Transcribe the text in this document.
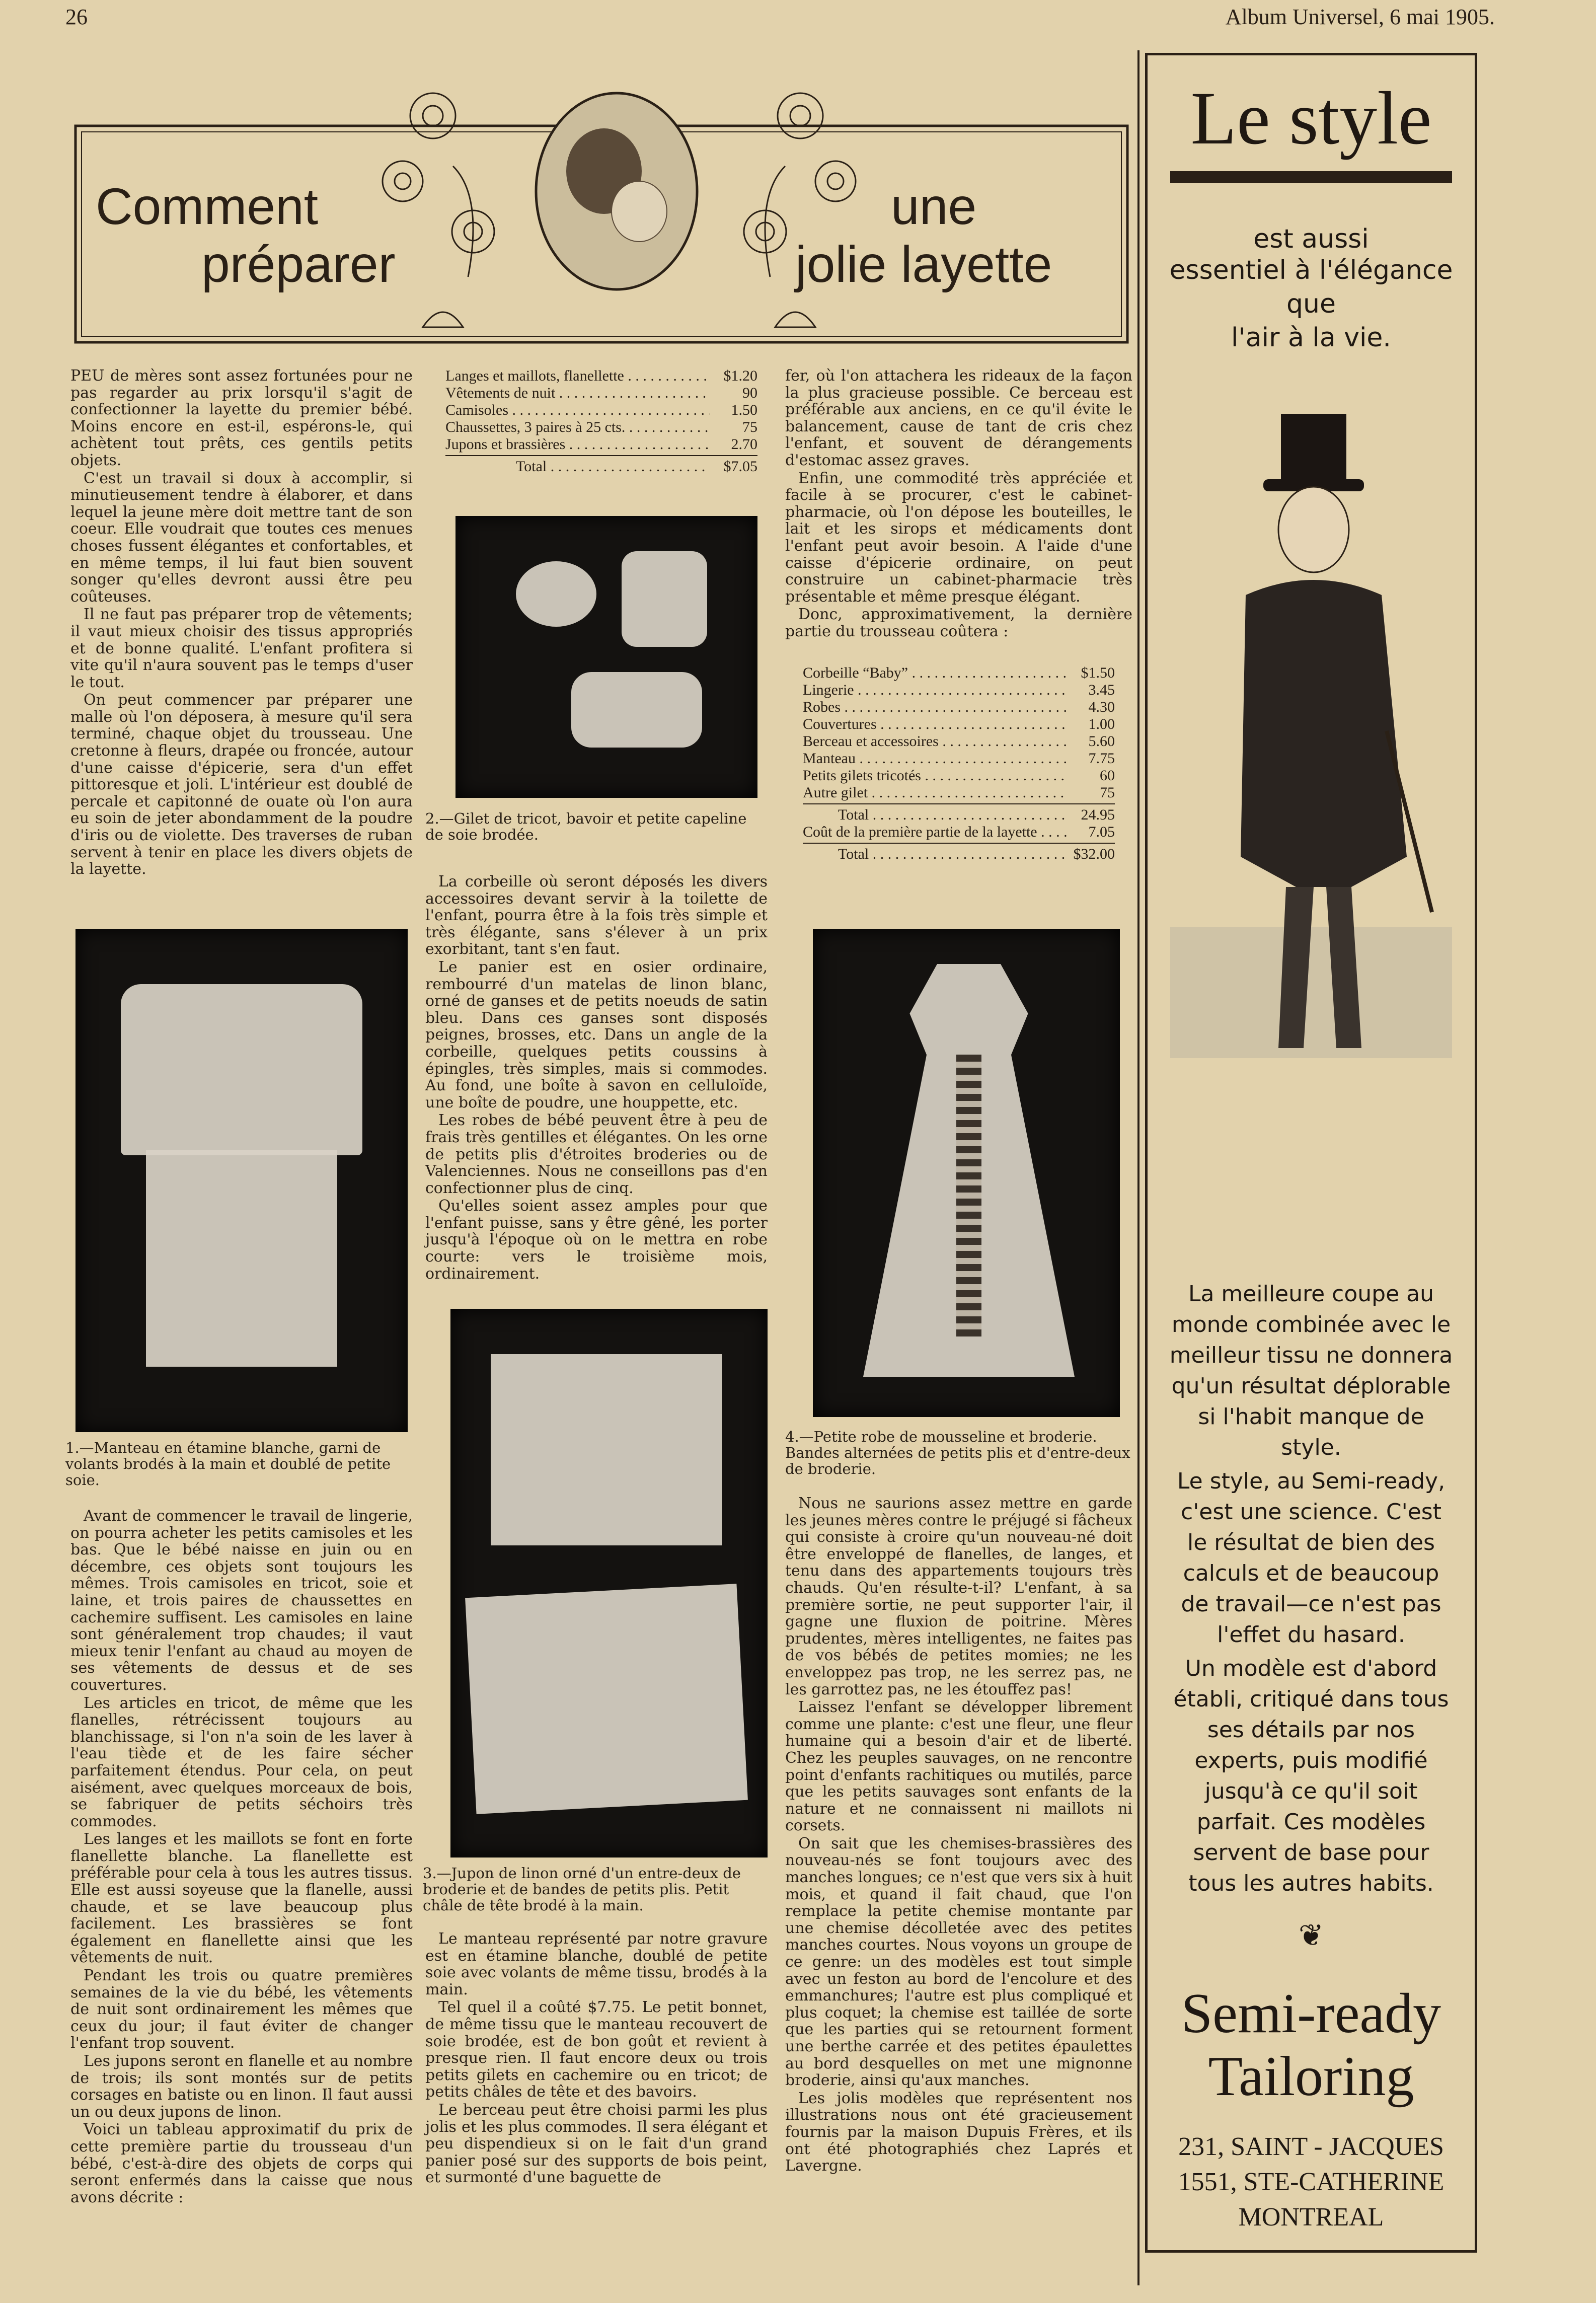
26	Album Universel, 6 mai 1905.
Comment
préparer
une
jolie layette

PEU de mères sont assez fortunées pour ne pas regarder au prix lorsqu'il s'agit de confectionner la layette du premier bébé. Moins encore en est-il, espérons-le, qui achètent tout prêts, ces gentils petits objets.

C'est un travail si doux à accomplir, si minutieusement tendre à élaborer, et dans lequel la jeune mère doit mettre tant de son coeur. Elle voudrait que toutes ces menues choses fussent élégantes et confortables, et en même temps, il lui faut bien souvent songer qu'elles devront aussi être peu coûteuses.

Il ne faut pas préparer trop de vêtements; il vaut mieux choisir des tissus appropriés et de bonne qualité. L'enfant profitera si vite qu'il n'aura souvent pas le temps d'user le tout.

On peut commencer par préparer une malle où l'on déposera, à mesure qu'il sera terminé, chaque objet du trousseau. Une cretonne à fleurs, drapée ou froncée, autour d'une caisse d'épicerie, sera d'un effet pittoresque et joli. L'intérieur est doublé de percale et capitonné de ouate où l'on aura eu soin de jeter abondamment de la poudre d'iris ou de violette. Des traverses de ruban servent à tenir en place les divers objets de la layette.

1.—Manteau en étamine blanche, garni de volants brodés à la main et doublé de petite soie.

Avant de commencer le travail de lingerie, on pourra acheter les petits camisoles et les bas. Que le bébé naisse en juin ou en décembre, ces objets sont toujours les mêmes. Trois camisoles en tricot, soie et laine, et trois paires de chaussettes en cachemire suffisent. Les camisoles en laine sont généralement trop chaudes; il vaut mieux tenir l'enfant au chaud au moyen de ses vêtements de dessus et de ses couvertures.

Les articles en tricot, de même que les flanelles, rétrécissent toujours au blanchissage, si l'on n'a soin de les laver à l'eau tiède et de les faire sécher parfaitement étendus. Pour cela, on peut aisément, avec quelques morceaux de bois, se fabriquer de petits séchoirs très commodes.

Les langes et les maillots se font en forte flanellette blanche. La flanellette est préférable pour cela à tous les autres tissus. Elle est aussi soyeuse que la flanelle, aussi chaude, et se lave beaucoup plus facilement. Les brassières se font également en flanellette ainsi que les vêtements de nuit.

Pendant les trois ou quatre premières semaines de la vie du bébé, les vêtements de nuit sont ordinairement les mêmes que ceux du jour; il faut éviter de changer l'enfant trop souvent.

Les jupons seront en flanelle et au nombre de trois; ils sont montés sur de petits corsages en batiste ou en linon. Il faut aussi un ou deux jupons de linon.

Voici un tableau approximatif du prix de cette première partie du trousseau d'un bébé, c'est-à-dire des objets de corps qui seront enfermés dans la caisse que nous avons décrite :

Langes et maillots, flanellette . . .	$1.20
Vêtements de nuit . . .	90
Camisoles . . .	1.50
Chaussettes, 3 paires à 25 cts. . . .	75
Jupons et brassières . . .	2.70
Total . . .	$7.05

2.—Gilet de tricot, bavoir et petite capeline de soie brodée.

La corbeille où seront déposés les divers accessoires devant servir à la toilette de l'enfant, pourra être à la fois très simple et très élégante, sans s'élever à un prix exorbitant, tant s'en faut.

Le panier est en osier ordinaire, rembourré d'un matelas de linon blanc, orné de ganses et de petits noeuds de satin bleu. Dans ces ganses sont disposés peignes, brosses, etc. Dans un angle de la corbeille, quelques petits coussins à épingles, très simples, mais si commodes. Au fond, une boîte à savon en celluloïde, une boîte de poudre, une houppette, etc.

Les robes de bébé peuvent être à peu de frais très gentilles et élégantes. On les orne de petits plis d'étroites broderies ou de Valenciennes. Nous ne conseillons pas d'en confectionner plus de cinq.

Qu'elles soient assez amples pour que l'enfant puisse, sans y être gêné, les porter jusqu'à l'époque où on le mettra en robe courte: vers le troisième mois, ordinairement.

3.—Jupon de linon orné d'un entre-deux de broderie et de bandes de petits plis. Petit châle de tête brodé à la main.

Le manteau représenté par notre gravure est en étamine blanche, doublé de petite soie avec volants de même tissu, brodés à la main.

Tel quel il a coûté $7.75. Le petit bonnet, de même tissu que le manteau recouvert de soie brodée, est de bon goût et revient à presque rien. Il faut encore deux ou trois petits gilets en cachemire ou en tricot; de petits châles de tête et des bavoirs.

Le berceau peut être choisi parmi les plus jolis et les plus commodes. Il sera élégant et peu dispendieux si on le fait d'un grand panier posé sur des supports de bois peint, et surmonté d'une baguette de

fer, où l'on attachera les rideaux de la façon la plus gracieuse possible. Ce berceau est préférable aux anciens, en ce qu'il évite le balancement, cause de tant de cris chez l'enfant, et souvent de dérangements d'estomac assez graves.

Enfin, une commodité très appréciée et facile à se procurer, c'est le cabinet-pharmacie, où l'on dépose les bouteilles, le lait et les sirops et médicaments dont l'enfant peut avoir besoin. A l'aide d'une caisse d'épicerie ordinaire, on peut construire un cabinet-pharmacie très présentable et même presque élégant.

Donc, approximativement, la dernière partie du trousseau coûtera :

Corbeille “Baby” . . .	$1.50
Lingerie . . .	3.45
Robes . . .	4.30
Couvertures . . .	1.00
Berceau et accessoires . . .	5.60
Manteau . . .	7.75
Petits gilets tricotés . . .	60
Autre gilet . . .	75
Total . . .	24.95
Coût de la première partie de la layette . . .	7.05
Total . . .	$32.00

4.—Petite robe de mousseline et broderie. Bandes alternées de petits plis et d'entre-deux de broderie.

Nous ne saurions assez mettre en garde les jeunes mères contre le préjugé si fâcheux qui consiste à croire qu'un nouveau-né doit être enveloppé de flanelles, de langes, et tenu dans des appartements toujours très chauds. Qu'en résulte-t-il? L'enfant, à sa première sortie, ne peut supporter l'air, il gagne une fluxion de poitrine. Mères prudentes, mères intelligentes, ne faites pas de vos bébés de petites momies; ne les enveloppez pas trop, ne les serrez pas, ne les garrottez pas, ne les étouffez pas!

Laissez l'enfant se développer librement comme une plante: c'est une fleur, une fleur humaine qui a besoin d'air et de liberté. Chez les peuples sauvages, on ne rencontre point d'enfants rachitiques ou mutilés, parce que les petits sauvages sont enfants de la nature et ne connaissent ni maillots ni corsets.

On sait que les chemises-brassières des nouveau-nés se font toujours avec des manches longues; ce n'est que vers six à huit mois, et quand il fait chaud, que l'on remplace la petite chemise montante par une chemise décolletée avec des petites manches courtes. Nous voyons un groupe de ce genre: un des modèles est tout simple avec un feston au bord de l'encolure et des emmanchures; l'autre est plus compliqué et plus coquet; la chemise est taillée de sorte que les parties qui se retournent forment une berthe carrée et des petites épaulettes au bord desquelles on met une mignonne broderie, ainsi qu'aux manches.

Les jolis modèles que représentent nos illustrations nous ont été gracieusement fournis par la maison Dupuis Frères, et ils ont été photographiés chez Laprés et Lavergne.

Le style
est aussi
essentiel à l'élégance
que
l'air à la vie.

La meilleure coupe au monde combinée avec le meilleur tissu ne donnera qu'un résultat déplorable si l'habit manque de style.

Le style, au Semi-ready, c'est une science. C'est le résultat de bien des calculs et de beaucoup de travail—ce n'est pas l'effet du hasard.

Un modèle est d'abord établi, critiqué dans tous ses détails par nos experts, puis modifié jusqu'à ce qu'il soit parfait. Ces modèles servent de base pour tous les autres habits.

❦
Semi-ready
Tailoring
231, SAINT - JACQUES
1551, STE-CATHERINE
MONTREAL
